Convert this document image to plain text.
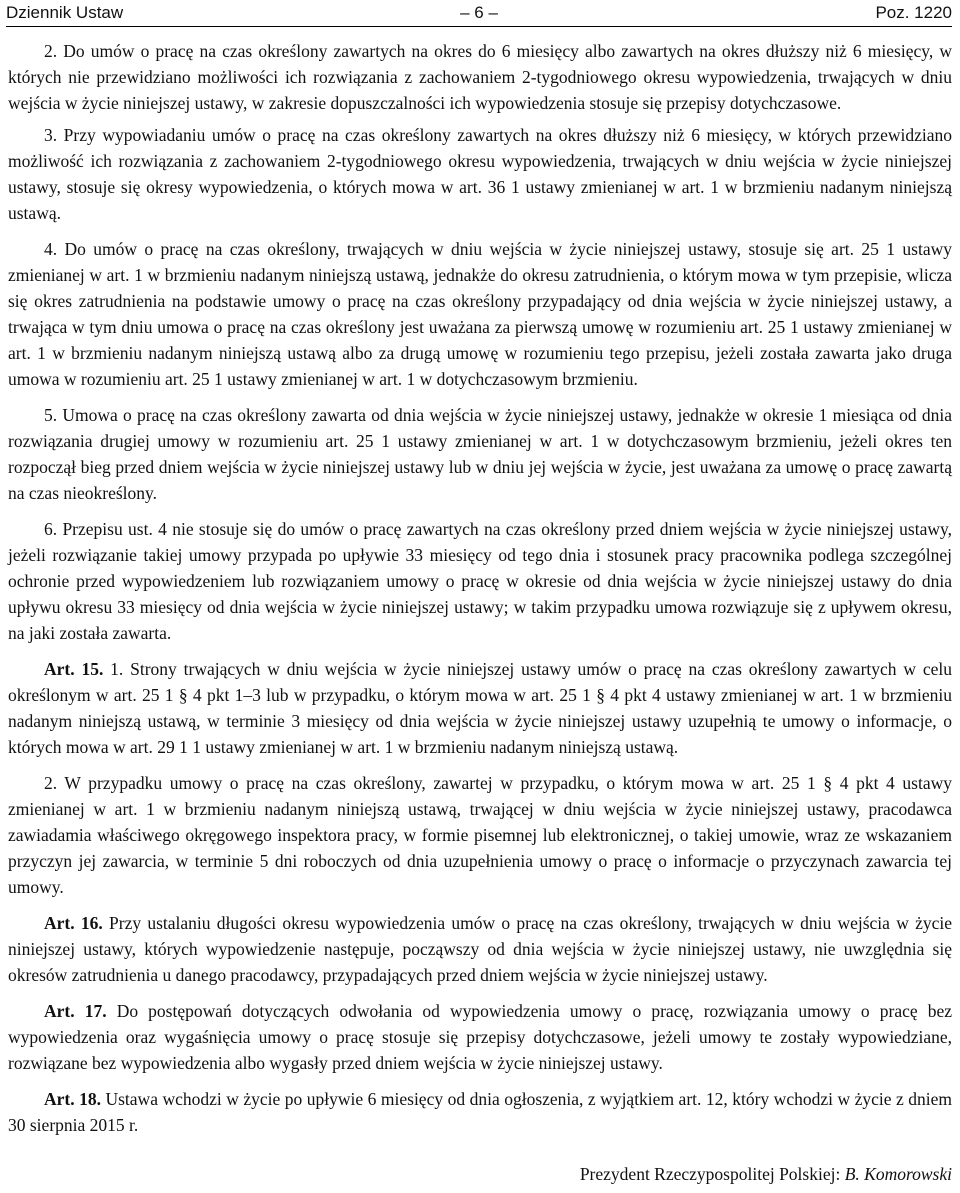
Dziennik Ustaw	– 6 –	Poz. 1220

2. Do umów o pracę na czas określony zawartych na okres do 6 miesięcy albo zawartych na okres dłuższy niż 6 miesięcy, w których nie przewidziano możliwości ich rozwiązania z zachowaniem 2-tygodniowego okresu wypowiedzenia, trwających w dniu wejścia w życie niniejszej ustawy, w zakresie dopuszczalności ich wypowiedzenia stosuje się przepisy dotychczasowe.

3. Przy wypowiadaniu umów o pracę na czas określony zawartych na okres dłuższy niż 6 miesięcy, w których przewidziano możliwość ich rozwiązania z zachowaniem 2-tygodniowego okresu wypowiedzenia, trwających w dniu wejścia w życie niniejszej ustawy, stosuje się okresy wypowiedzenia, o których mowa w art. 36 1 ustawy zmienianej w art. 1 w brzmieniu nadanym niniejszą ustawą.

4. Do umów o pracę na czas określony, trwających w dniu wejścia w życie niniejszej ustawy, stosuje się art. 25 1 ustawy zmienianej w art. 1 w brzmieniu nadanym niniejszą ustawą, jednakże do okresu zatrudnienia, o którym mowa w tym przepisie, wlicza się okres zatrudnienia na podstawie umowy o pracę na czas określony przypadający od dnia wejścia w życie niniejszej ustawy, a trwająca w tym dniu umowa o pracę na czas określony jest uważana za pierwszą umowę w rozumieniu art. 25 1 ustawy zmienianej w art. 1 w brzmieniu nadanym niniejszą ustawą albo za drugą umowę w rozumieniu tego przepisu, jeżeli została zawarta jako druga umowa w rozumieniu art. 25 1 ustawy zmienianej w art. 1 w dotychczasowym brzmieniu.

5. Umowa o pracę na czas określony zawarta od dnia wejścia w życie niniejszej ustawy, jednakże w okresie 1 miesiąca od dnia rozwiązania drugiej umowy w rozumieniu art. 25 1 ustawy zmienianej w art. 1 w dotychczasowym brzmieniu, jeżeli okres ten rozpoczął bieg przed dniem wejścia w życie niniejszej ustawy lub w dniu jej wejścia w życie, jest uważana za umowę o pracę zawartą na czas nieokreślony.

6. Przepisu ust. 4 nie stosuje się do umów o pracę zawartych na czas określony przed dniem wejścia w życie niniejszej ustawy, jeżeli rozwiązanie takiej umowy przypada po upływie 33 miesięcy od tego dnia i stosunek pracy pracownika podlega szczególnej ochronie przed wypowiedzeniem lub rozwiązaniem umowy o pracę w okresie od dnia wejścia w życie niniejszej ustawy do dnia upływu okresu 33 miesięcy od dnia wejścia w życie niniejszej ustawy; w takim przypadku umowa rozwiązuje się z upływem okresu, na jaki została zawarta.

Art. 15. 1. Strony trwających w dniu wejścia w życie niniejszej ustawy umów o pracę na czas określony zawartych w celu określonym w art. 25 1 § 4 pkt 1–3 lub w przypadku, o którym mowa w art. 25 1 § 4 pkt 4 ustawy zmienianej w art. 1 w brzmieniu nadanym niniejszą ustawą, w terminie 3 miesięcy od dnia wejścia w życie niniejszej ustawy uzupełnią te umowy o informacje, o których mowa w art. 29 1 1 ustawy zmienianej w art. 1 w brzmieniu nadanym niniejszą ustawą.

2. W przypadku umowy o pracę na czas określony, zawartej w przypadku, o którym mowa w art. 25 1 § 4 pkt 4 ustawy zmienianej w art. 1 w brzmieniu nadanym niniejszą ustawą, trwającej w dniu wejścia w życie niniejszej ustawy, pracodawca zawiadamia właściwego okręgowego inspektora pracy, w formie pisemnej lub elektronicznej, o takiej umowie, wraz ze wskazaniem przyczyn jej zawarcia, w terminie 5 dni roboczych od dnia uzupełnienia umowy o pracę o informacje o przyczynach zawarcia tej umowy.

Art. 16. Przy ustalaniu długości okresu wypowiedzenia umów o pracę na czas określony, trwających w dniu wejścia w życie niniejszej ustawy, których wypowiedzenie następuje, począwszy od dnia wejścia w życie niniejszej ustawy, nie uwzględnia się okresów zatrudnienia u danego pracodawcy, przypadających przed dniem wejścia w życie niniejszej ustawy.

Art. 17. Do postępowań dotyczących odwołania od wypowiedzenia umowy o pracę, rozwiązania umowy o pracę bez wypowiedzenia oraz wygaśnięcia umowy o pracę stosuje się przepisy dotychczasowe, jeżeli umowy te zostały wypowiedziane, rozwiązane bez wypowiedzenia albo wygasły przed dniem wejścia w życie niniejszej ustawy.

Art. 18. Ustawa wchodzi w życie po upływie 6 miesięcy od dnia ogłoszenia, z wyjątkiem art. 12, który wchodzi w życie z dniem 30 sierpnia 2015 r.

Prezydent Rzeczypospolitej Polskiej: B. Komorowski
